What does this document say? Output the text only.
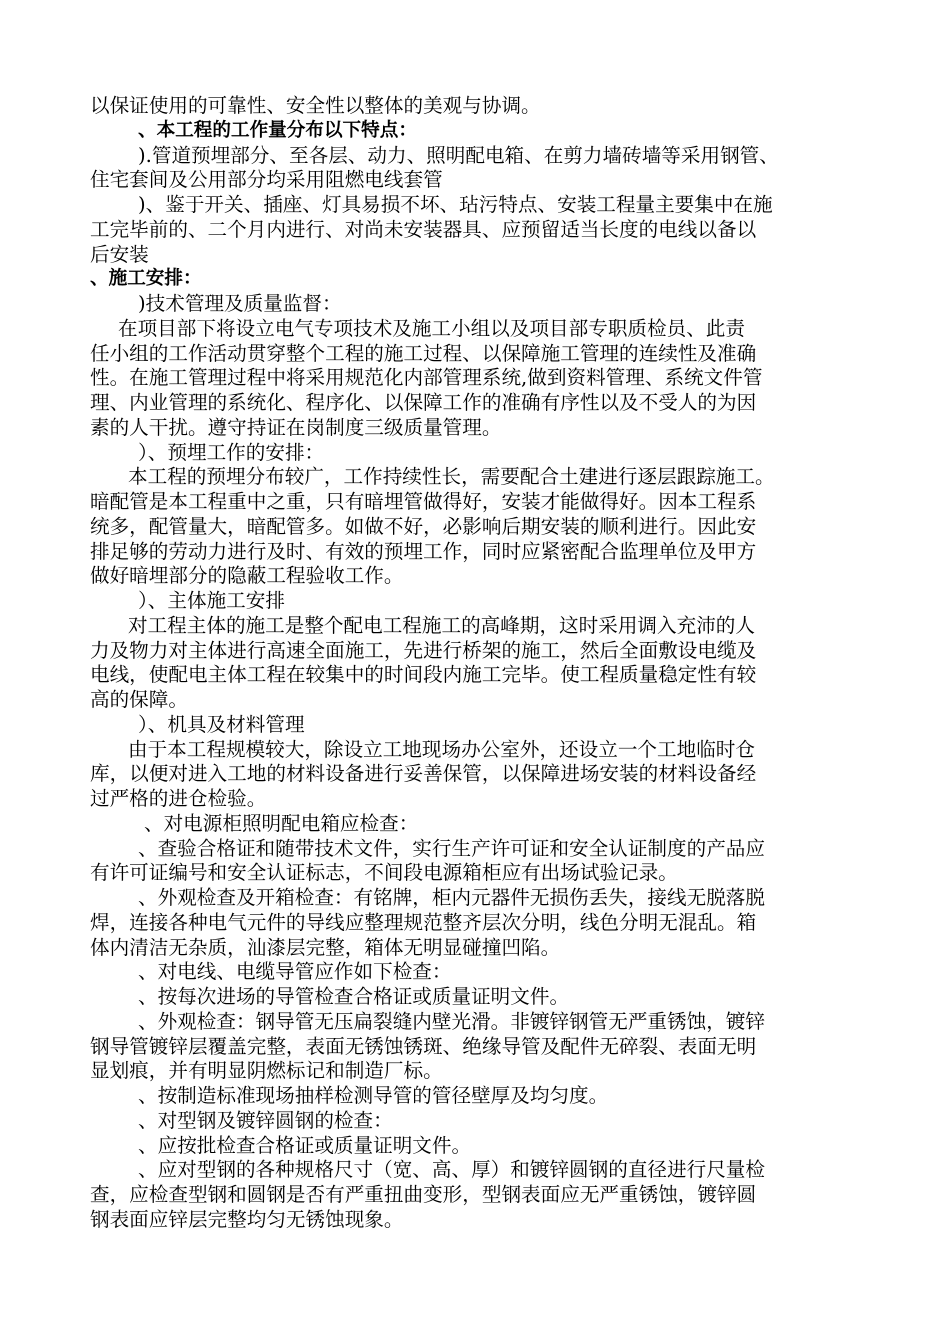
以保证使用的可靠性、安全性以整体的美观与协调。
、本工程的工作量分布以下特点：
).管道预埋部分、至各层、动力、照明配电箱、在剪力墙砖墙等采用钢管、
住宅套间及公用部分均采用阻燃电线套管
)、鉴于开关、插座、灯具易损不坏、玷污特点、安装工程量主要集中在施
工完毕前的、二个月内进行、对尚未安装器具、应预留适当长度的电线以备以
后安装
、施工安排：
)技术管理及质量监督：
在项目部下将设立电气专项技术及施工小组以及项目部专职质检员、此责
任小组的工作活动贯穿整个工程的施工过程、以保障施工管理的连续性及准确
性。在施工管理过程中将采用规范化内部管理系统,做到资料管理、系统文件管
理、内业管理的系统化、程序化、以保障工作的准确有序性以及不受人的为因
素的人干扰。遵守持证在岗制度三级质量管理。
）、预埋工作的安排：
本工程的预埋分布较广，工作持续性长，需要配合土建进行逐层跟踪施工。
暗配管是本工程重中之重，只有暗埋管做得好，安装才能做得好。因本工程系
统多，配管量大，暗配管多。如做不好，必影响后期安装的顺利进行。因此安
排足够的劳动力进行及时、有效的预埋工作，同时应紧密配合监理单位及甲方
做好暗埋部分的隐蔽工程验收工作。
）、主体施工安排
对工程主体的施工是整个配电工程施工的高峰期，这时采用调入充沛的人
力及物力对主体进行高速全面施工，先进行桥架的施工，然后全面敷设电缆及
电线，使配电主体工程在较集中的时间段内施工完毕。使工程质量稳定性有较
高的保障。
）、机具及材料管理
由于本工程规模较大，除设立工地现场办公室外，还设立一个工地临时仓
库，以便对进入工地的材料设备进行妥善保管，以保障进场安装的材料设备经
过严格的进仓检验。
、对电源柜照明配电箱应检查：
、查验合格证和随带技术文件，实行生产许可证和安全认证制度的产品应
有许可证编号和安全认证标志，不间段电源箱柜应有出场试验记录。
、外观检查及开箱检查：有铭牌，柜内元器件无损伤丢失，接线无脱落脱
焊，连接各种电气元件的导线应整理规范整齐层次分明，线色分明无混乱。箱
体内清洁无杂质，汕漆层完整，箱体无明显碰撞凹陷。
、对电线、电缆导管应作如下检查：
、按每次进场的导管检查合格证或质量证明文件。
、外观检查：钢导管无压扁裂缝内壁光滑。非镀锌钢管无严重锈蚀，镀锌
钢导管镀锌层覆盖完整，表面无锈蚀锈斑、绝缘导管及配件无碎裂、表面无明
显划痕，并有明显阴燃标记和制造厂标。
、按制造标准现场抽样检测导管的管径壁厚及均匀度。
、对型钢及镀锌圆钢的检查：
、应按批检查合格证或质量证明文件。
、应对型钢的各种规格尺寸（宽、高、厚）和镀锌圆钢的直径进行尺量检
查，应检查型钢和圆钢是否有严重扭曲变形，型钢表面应无严重锈蚀，镀锌圆
钢表面应锌层完整均匀无锈蚀现象。
